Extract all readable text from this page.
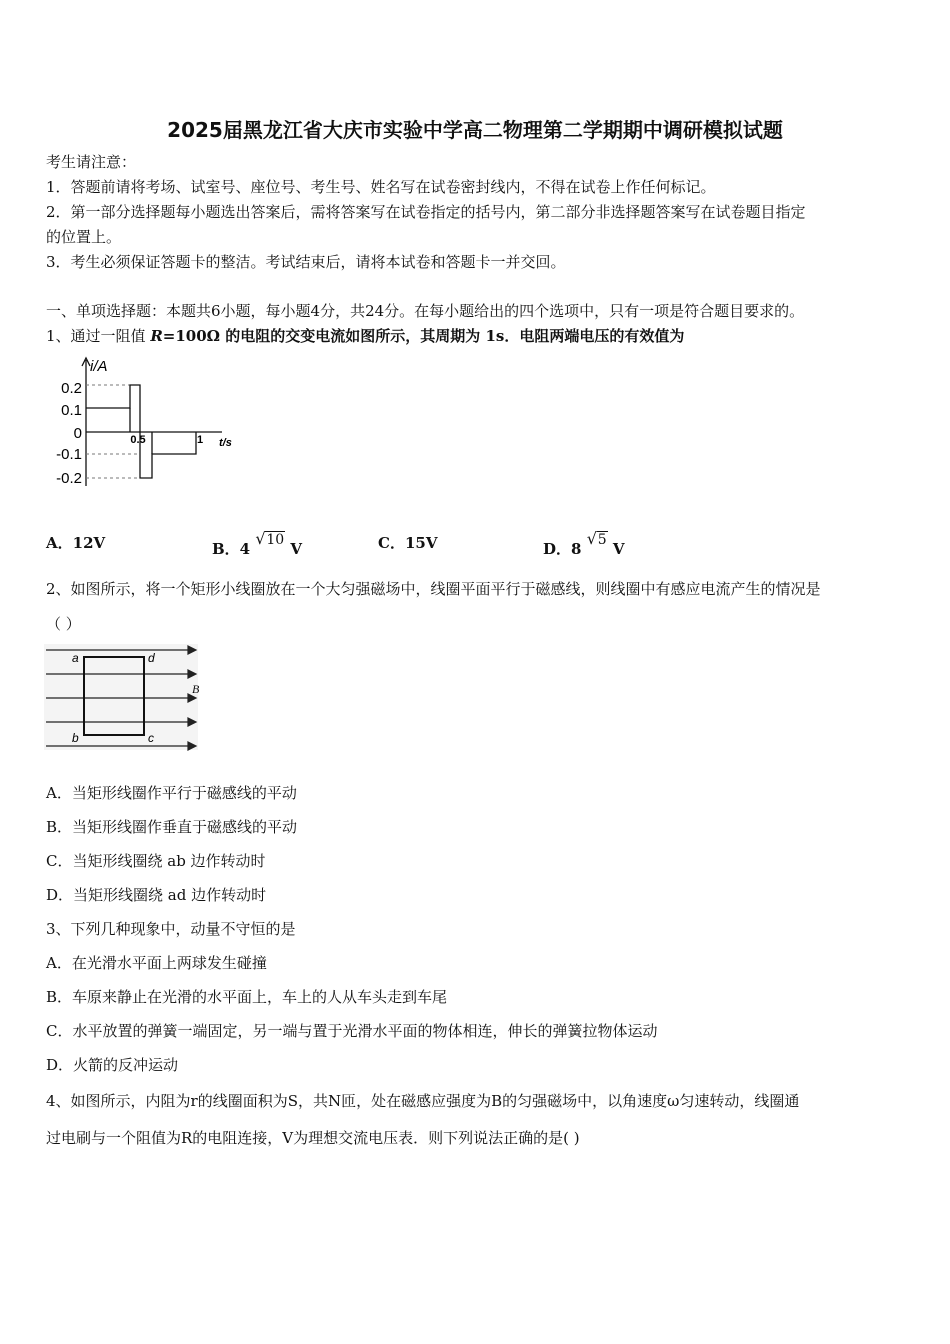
2025届黑龙江省大庆市实验中学高二物理第二学期期中调研模拟试题
考生请注意：
1．答题前请将考场、试室号、座位号、考生号、姓名写在试卷密封线内，不得在试卷上作任何标记。
2．第一部分选择题每小题选出答案后，需将答案写在试卷指定的括号内，第二部分非选择题答案写在试卷题目指定
的位置上。
3．考生必须保证答题卡的整洁。考试结束后，请将本试卷和答题卡一并交回。
一、单项选择题：本题共6小题，每小题4分，共24分。在每小题给出的四个选项中，只有一项是符合题目要求的。
1、通过一阻值 R=100Ω 的电阻的交变电流如图所示，其周期为 1s．电阻两端电压的有效值为
i/A
t/s
0.2
0.1
0
-0.1
-0.2
0.5	1
A．12V	B．4
√ 10 V	C．15V	D．8
√ 5 V
2、如图所示，将一个矩形小线圈放在一个大匀强磁场中，线圈平面平行于磁感线，则线圈中有感应电流产生的情况是
（ ）
a	d
b	c
B
A．当矩形线圈作平行于磁感线的平动
B．当矩形线圈作垂直于磁感线的平动
C．当矩形线圈绕 ab 边作转动时
D．当矩形线圈绕 ad 边作转动时
3、下列几种现象中，动量不守恒的是
A．在光滑水平面上两球发生碰撞
B．车原来静止在光滑的水平面上，车上的人从车头走到车尾
C．水平放置的弹簧一端固定，另一端与置于光滑水平面的物体相连，伸长的弹簧拉物体运动
D．火箭的反冲运动
4、如图所示，内阻为r的线圈面积为S，共N匝，处在磁感应强度为B的匀强磁场中，以角速度ω匀速转动，线圈通
过电刷与一个阻值为R的电阻连接，V为理想交流电压表．则下列说法正确的是( )
